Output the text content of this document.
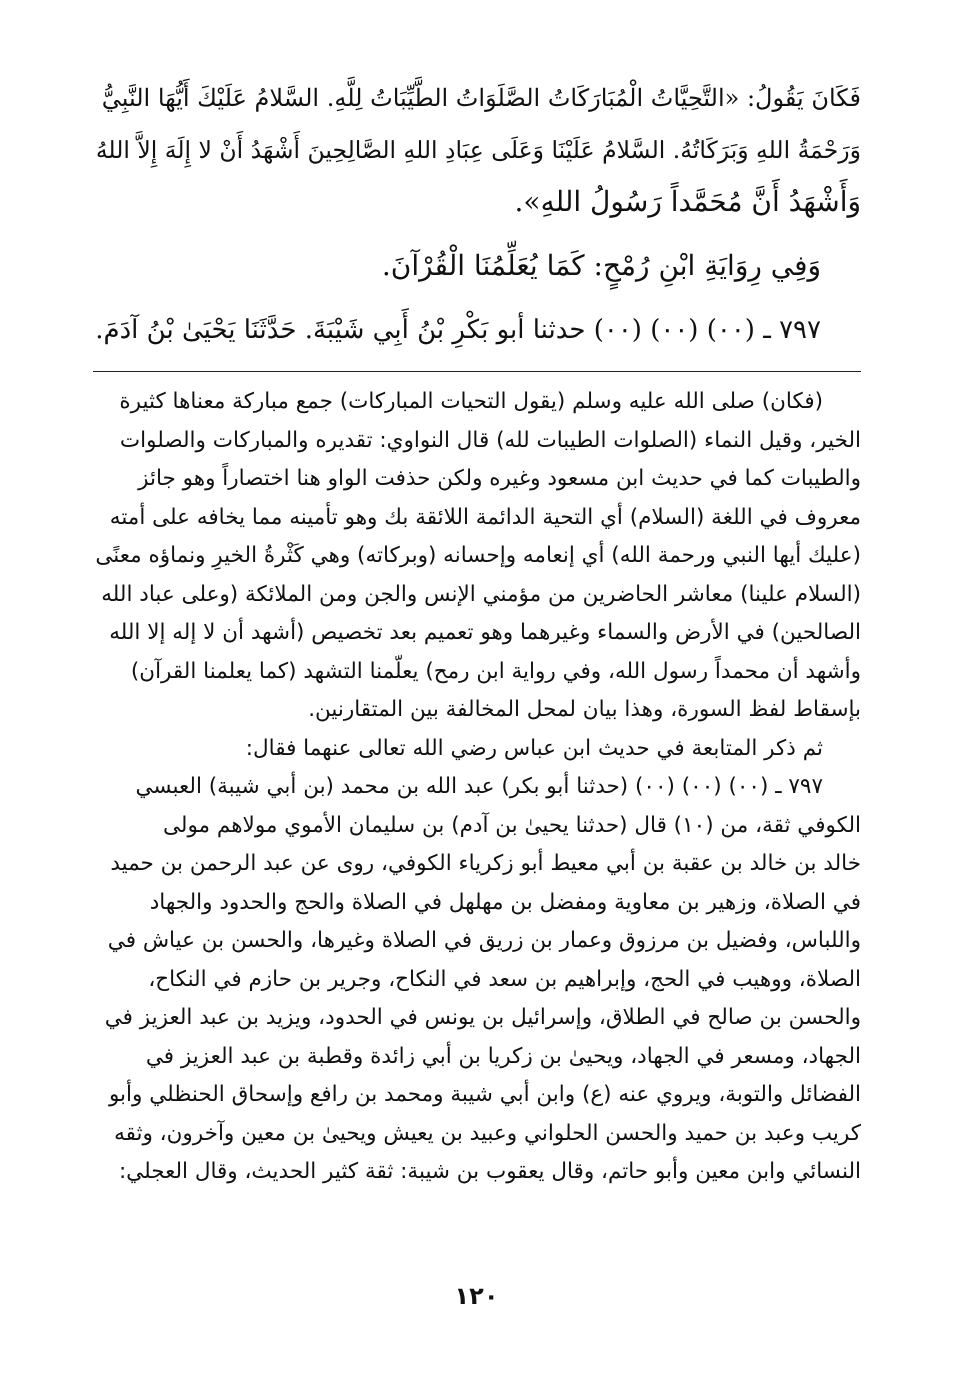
فَكَانَ يَقُولُ: «التَّحِيَّاتُ الْمُبَارَكَاتُ الصَّلَوَاتُ الطَّيِّبَاتُ لِلَّهِ. السَّلامُ عَلَيْكَ أَيُّهَا النَّبِيُّ
وَرَحْمَةُ اللهِ وَبَرَكَاتُهُ. السَّلامُ عَلَيْنَا وَعَلَى عِبَادِ اللهِ الصَّالِحِينَ أَشْهَدُ أَنْ لا إِلَهَ إِلاَّ اللهُ
وَأَشْهَدُ أَنَّ مُحَمَّداً رَسُولُ اللهِ».
وَفِي رِوَايَةِ ابْنِ رُمْحٍ: كَمَا يُعَلِّمُنَا الْقُرْآنَ.
٧٩٧ ـ (٠٠) (٠٠) (٠٠) حدثنا أبو بَكْرِ بْنُ أَبِي شَيْبَةَ. حَدَّثَنَا يَحْيَىٰ بْنُ آدَمَ.
(فكان) صلى الله عليه وسلم (يقول التحيات المباركات) جمع مباركة معناها كثيرة
الخير، وقيل النماء (الصلوات الطيبات لله) قال النواوي: تقديره والمباركات والصلوات
والطيبات كما في حديث ابن مسعود وغيره ولكن حذفت الواو هنا اختصاراً وهو جائز
معروف في اللغة (السلام) أي التحية الدائمة اللائقة بك وهو تأمينه مما يخافه على أمته
(عليك أيها النبي ورحمة الله) أي إنعامه وإحسانه (وبركاته) وهي كَثْرةُ الخيرِ ونماؤه معنًى
(السلام علينا) معاشر الحاضرين من مؤمني الإنس والجن ومن الملائكة (وعلى عباد الله
الصالحين) في الأرض والسماء وغيرهما وهو تعميم بعد تخصيص (أشهد أن لا إله إلا الله
وأشهد أن محمداً رسول الله، وفي رواية ابن رمح) يعلّمنا التشهد (كما يعلمنا القرآن)
بإسقاط لفظ السورة، وهذا بيان لمحل المخالفة بين المتقارنين.
ثم ذكر المتابعة في حديث ابن عباس رضي الله تعالى عنهما فقال:
٧٩٧ ـ (٠٠) (٠٠) (٠٠) (حدثنا أبو بكر) عبد الله بن محمد (بن أبي شيبة) العبسي
الكوفي ثقة، من (١٠) قال (حدثنا يحيىٰ بن آدم) بن سليمان الأموي مولاهم مولى
خالد بن خالد بن عقبة بن أبي معيط أبو زكرياء الكوفي، روى عن عبد الرحمن بن حميد
في الصلاة، وزهير بن معاوية ومفضل بن مهلهل في الصلاة والحج والحدود والجهاد
واللباس، وفضيل بن مرزوق وعمار بن زريق في الصلاة وغيرها، والحسن بن عياش في
الصلاة، ووهيب في الحج، وإبراهيم بن سعد في النكاح، وجرير بن حازم في النكاح،
والحسن بن صالح في الطلاق، وإسرائيل بن يونس في الحدود، ويزيد بن عبد العزيز في
الجهاد، ومسعر في الجهاد، ويحيىٰ بن زكريا بن أبي زائدة وقطبة بن عبد العزيز في
الفضائل والتوبة، ويروي عنه (ع) وابن أبي شيبة ومحمد بن رافع وإسحاق الحنظلي وأبو
كريب وعبد بن حميد والحسن الحلواني وعبيد بن يعيش ويحيىٰ بن معين وآخرون، وثقه
النسائي وابن معين وأبو حاتم، وقال يعقوب بن شيبة: ثقة كثير الحديث، وقال العجلي:
١٢٠
